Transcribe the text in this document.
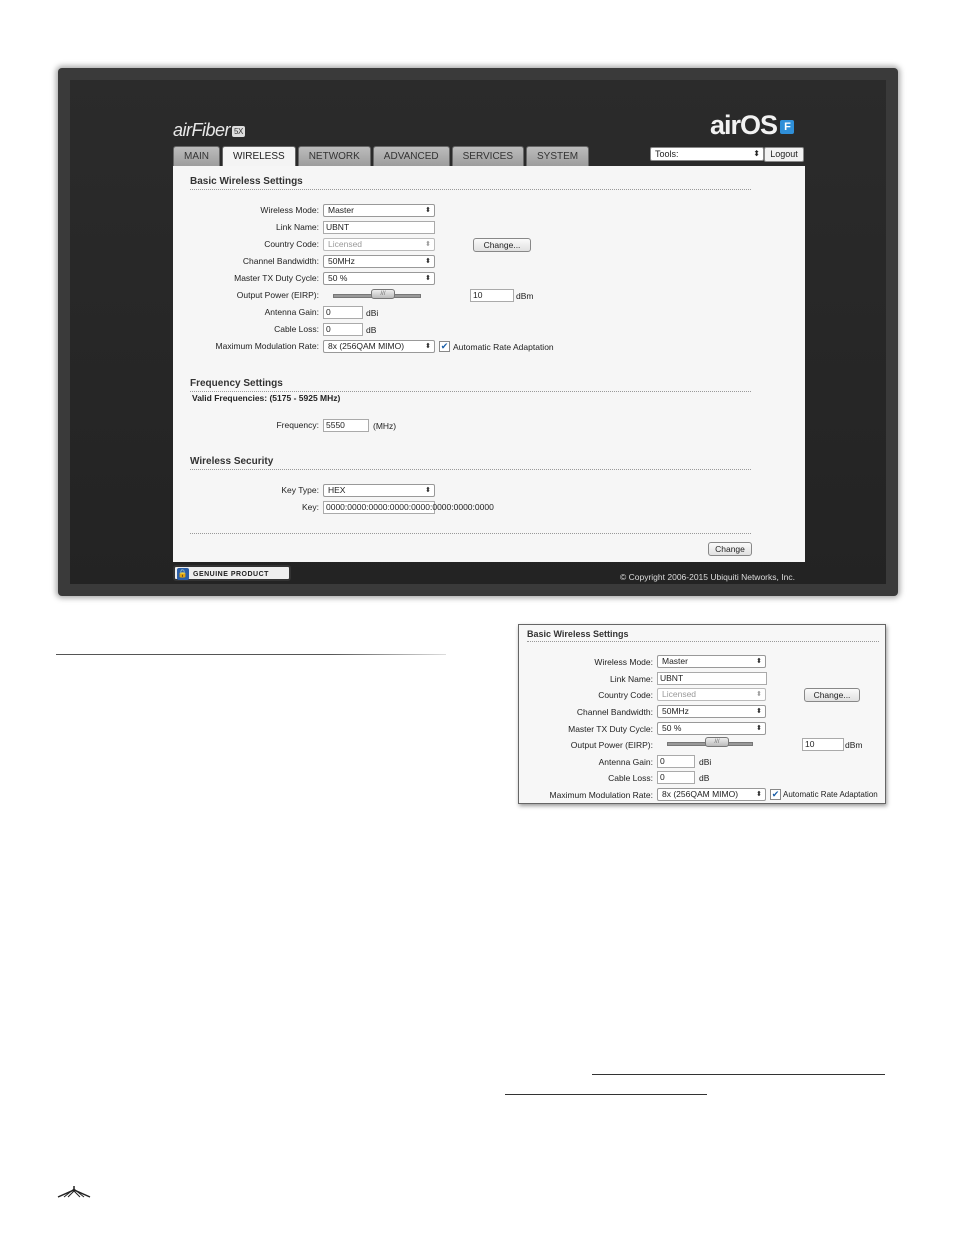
airFiber 5X	airOS F
MAIN	WIRELESS	NETWORK	ADVANCED	SERVICES	SYSTEM	Tools:	⬍	Logout
Basic Wireless Settings
Wireless Mode:	Master	⬍
Link Name: UBNT
Country Code:	Licensed	⬍	Change...
Channel Bandwidth:	50MHz	⬍
Master TX Duty Cycle:	50 %	⬍
Output Power (EIRP):	///	10	dBm
Antenna Gain: 0	dBi
Cable Loss: 0	dB
Maximum Modulation Rate:	8x (256QAM MIMO)	⬍ ✔ Automatic Rate Adaptation
Frequency Settings
Valid Frequencies: (5175 - 5925 MHz)
Frequency: 5550	(MHz)
Wireless Security
Key Type:	HEX	⬍
Key: 0000:0000:0000:0000:0000:0000:0000:0000
Change
🔒 GENUINE PRODUCT	© Copyright 2006-2015 Ubiquiti Networks, Inc.
Basic Wireless Settings
Wireless Mode:	Master	⬍
Link Name: UBNT
Country Code:	Licensed	⬍	Change...
Channel Bandwidth:	50MHz	⬍
Master TX Duty Cycle:	50 %	⬍
Output Power (EIRP):	///	10	dBm
Antenna Gain: 0	dBi
Cable Loss: 0	dB
Maximum Modulation Rate:	8x (256QAM MIMO)	⬍ ✔ Automatic Rate Adaptation
